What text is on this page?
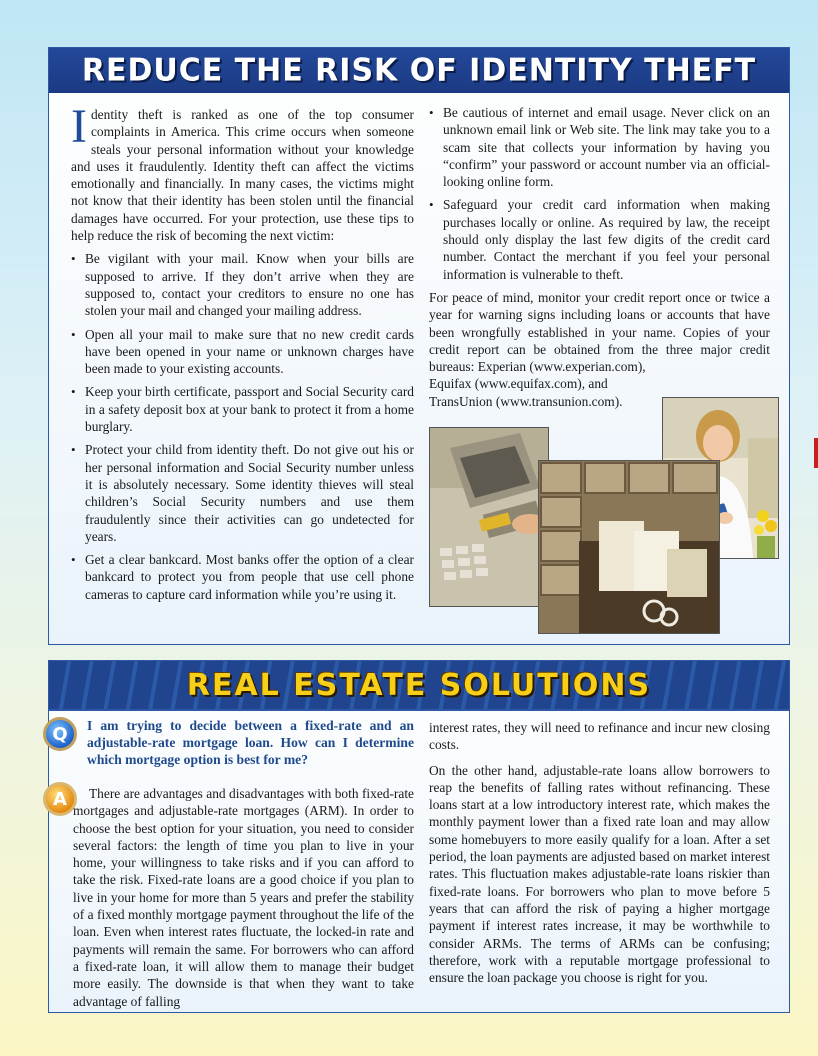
REDUCE THE RISK OF IDENTITY THEFT

Identity theft is ranked as one of the top consumer complaints in America. This crime occurs when someone steals your personal information without your knowledge and uses it fraudulently. Identity theft can affect the victims emotionally and financially. In many cases, the victims might not know that their identity has been stolen until the financial damages have occurred. For your protection, use these tips to help reduce the risk of becoming the next victim:

• Be vigilant with your mail. Know when your bills are supposed to arrive. If they don’t arrive when they are supposed to, contact your creditors to ensure no one has stolen your mail and changed your mailing address.
• Open all your mail to make sure that no new credit cards have been opened in your name or unknown charges have been made to your existing accounts.
• Keep your birth certificate, passport and Social Security card in a safety deposit box at your bank to protect it from a home burglary.
• Protect your child from identity theft. Do not give out his or her personal information and Social Security number unless it is absolutely necessary. Some identity thieves will steal children’s Social Security numbers and use them fraudulently since their activities can go undetected for years.
• Get a clear bankcard. Most banks offer the option of a clear bankcard to protect you from people that use cell phone cameras to capture card information while you’re using it.
• Be cautious of internet and email usage. Never click on an unknown email link or Web site. The link may take you to a scam site that collects your information by having you “confirm” your password or account number via an official-looking online form.
• Safeguard your credit card information when making purchases locally or online. As required by law, the receipt should only display the last few digits of the credit card number. Contact the merchant if you feel your personal information is vulnerable to theft.

For peace of mind, monitor your credit report once or twice a year for warning signs including loans or accounts that have been wrongfully established in your name. Copies of your credit report can be obtained from the three major credit bureaus: Experian (www.experian.com),

Equifax (www.equifax.com), and

TransUnion (www.transunion.com).

REAL ESTATE SOLUTIONS
Q
A

I am trying to decide between a fixed-rate and an adjustable-rate mortgage loan. How can I determine which mortgage option is best for me?

There are advantages and disadvantages with both fixed-rate mortgages and adjustable-rate mortgages (ARM). In order to choose the best option for your situation, you need to consider several factors: the length of time you plan to live in your home, your willingness to take risks and if you can afford to take the risk. Fixed-rate loans are a good choice if you plan to live in your home for more than 5 years and prefer the stability of a fixed monthly mortgage payment throughout the life of the loan. Even when interest rates fluctuate, the locked-in rate and payments will remain the same. For borrowers who can afford a fixed-rate loan, it will allow them to manage their budget more easily. The downside is that when they want to take advantage of falling

interest rates, they will need to refinance and incur new closing costs.

On the other hand, adjustable-rate loans allow borrowers to reap the benefits of falling rates without refinancing. These loans start at a low introductory interest rate, which makes the monthly payment lower than a fixed rate loan and may allow some homebuyers to more easily qualify for a loan. After a set period, the loan payments are adjusted based on market interest rates. This fluctuation makes adjustable-rate loans riskier than fixed-rate loans. For borrowers who plan to move before 5 years that can afford the risk of paying a higher mortgage payment if interest rates increase, it may be worthwhile to consider ARMs. The terms of ARMs can be confusing; therefore, work with a reputable mortgage professional to ensure the loan package you choose is right for you.
